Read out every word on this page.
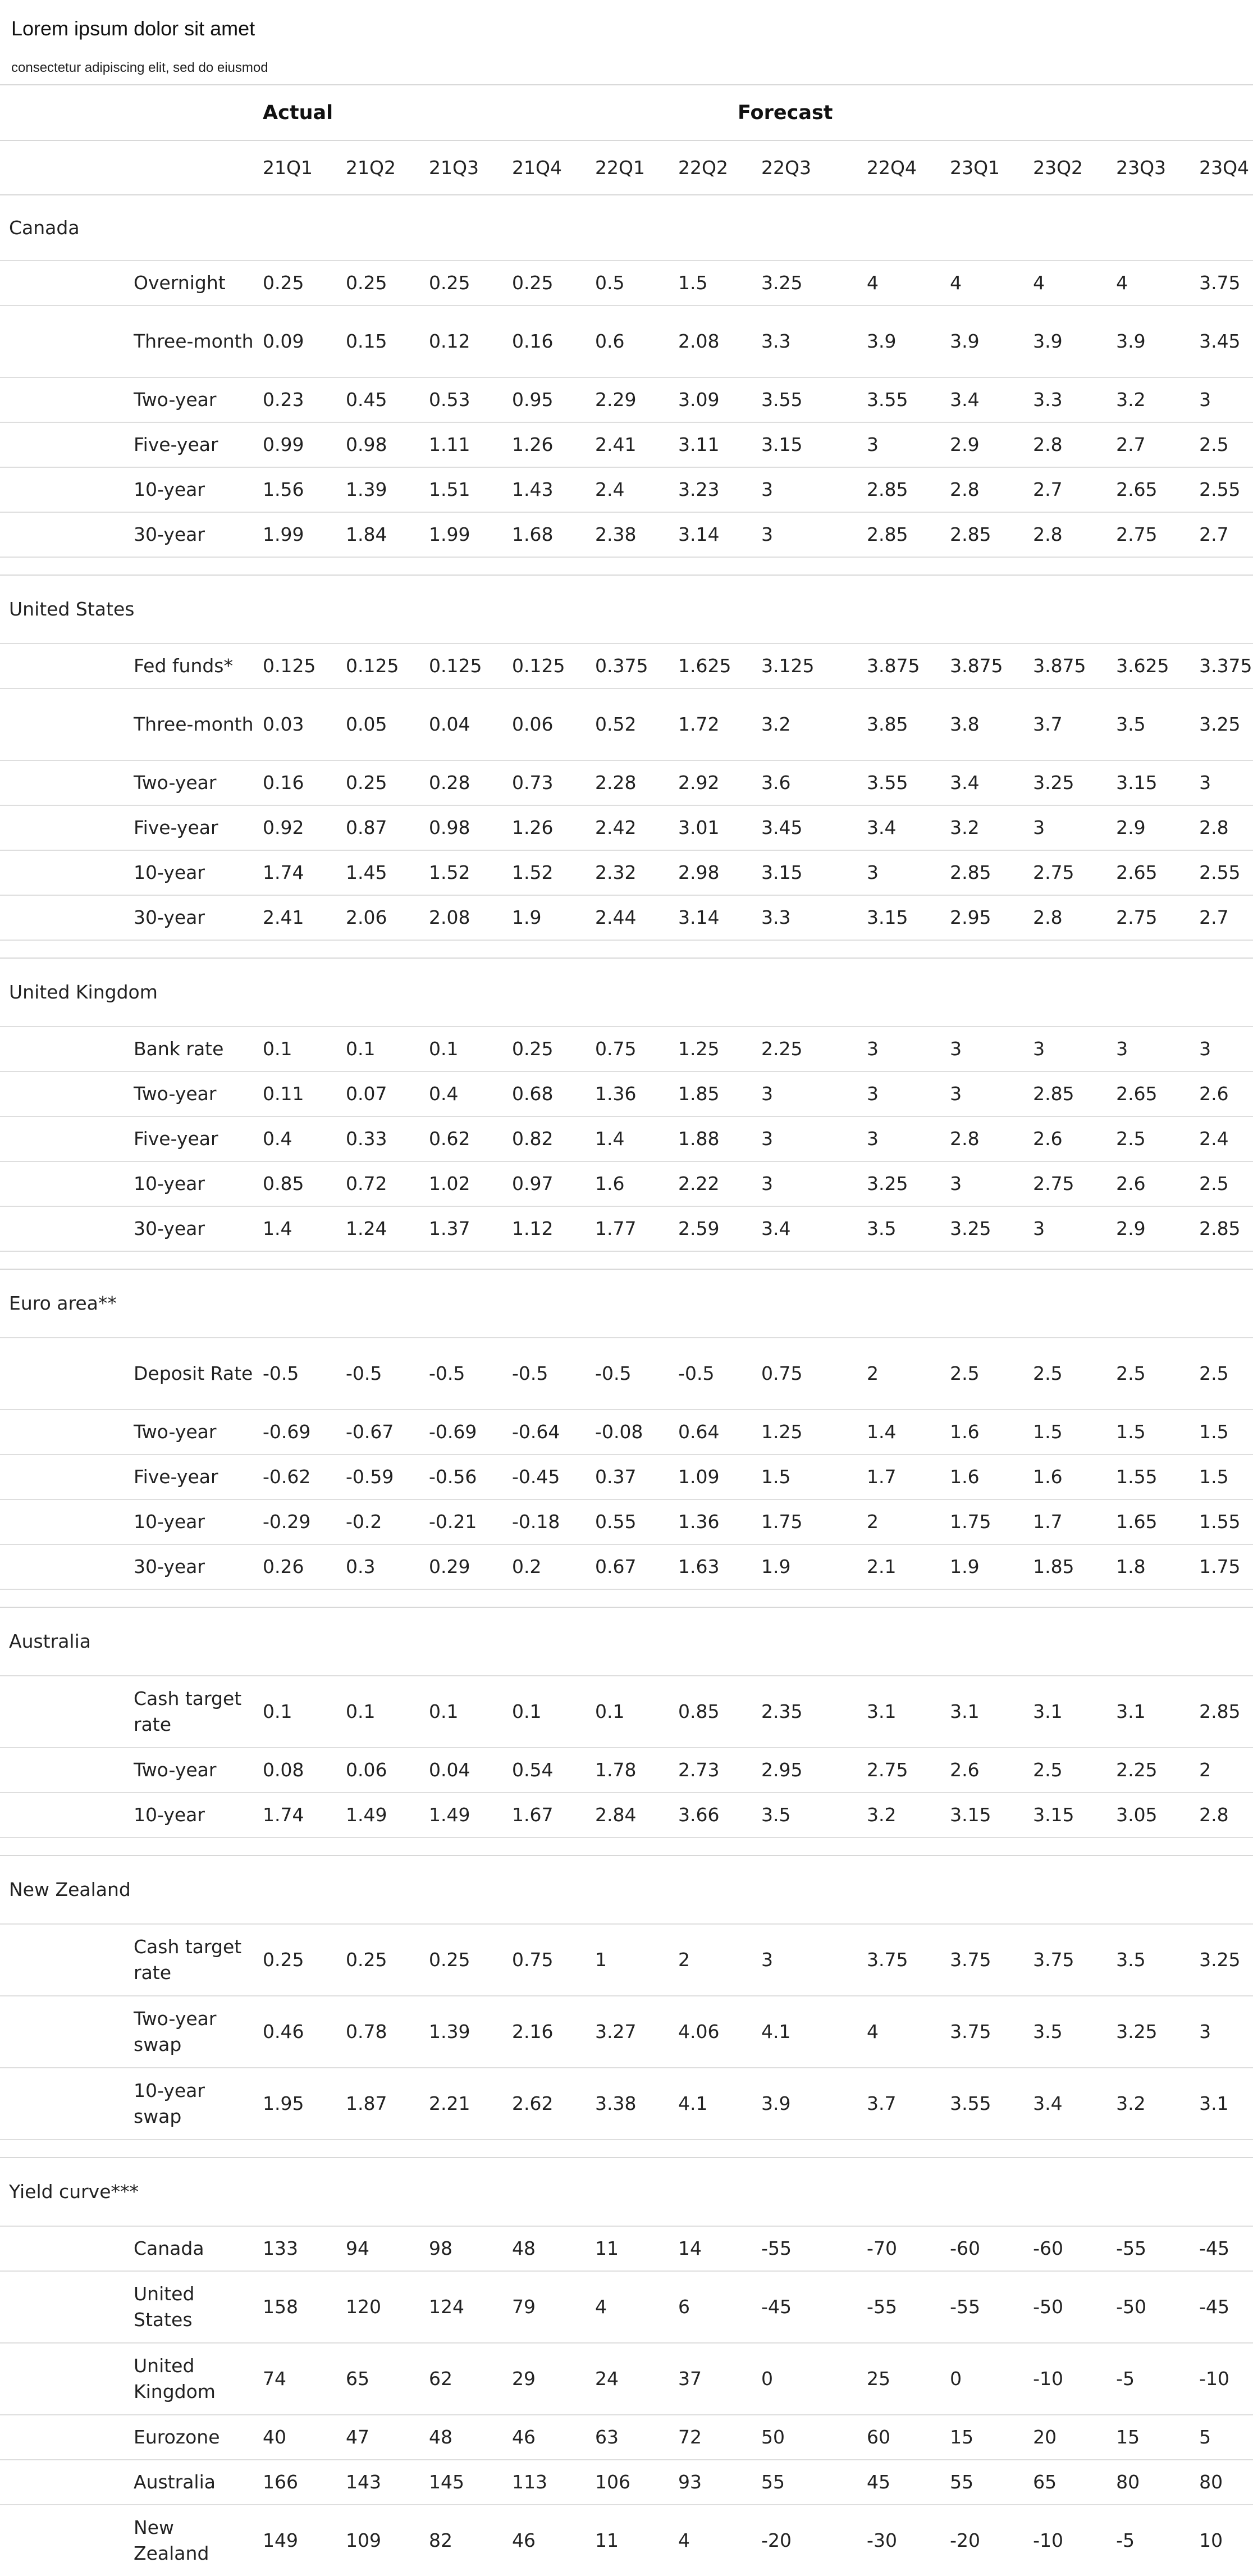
Lorem ipsum dolor sit amet
consectetur adipiscing elit, sed do eiusmod
		Actual				Forecast							
		21Q1	21Q2	21Q3	21Q4	22Q1	22Q2	22Q3	22Q4	23Q1	23Q2	23Q3	23Q4
Canada													
	Overnight	0.25	0.25	0.25	0.25	0.5	1.5	3.25	4	4	4	4	3.75
	Three-month	0.09	0.15	0.12	0.16	0.6	2.08	3.3	3.9	3.9	3.9	3.9	3.45
	Two-year	0.23	0.45	0.53	0.95	2.29	3.09	3.55	3.55	3.4	3.3	3.2	3
	Five-year	0.99	0.98	1.11	1.26	2.41	3.11	3.15	3	2.9	2.8	2.7	2.5
	10-year	1.56	1.39	1.51	1.43	2.4	3.23	3	2.85	2.8	2.7	2.65	2.55
	30-year	1.99	1.84	1.99	1.68	2.38	3.14	3	2.85	2.85	2.8	2.75	2.7

United States													
	Fed funds*	0.125	0.125	0.125	0.125	0.375	1.625	3.125	3.875	3.875	3.875	3.625	3.375
	Three-month	0.03	0.05	0.04	0.06	0.52	1.72	3.2	3.85	3.8	3.7	3.5	3.25
	Two-year	0.16	0.25	0.28	0.73	2.28	2.92	3.6	3.55	3.4	3.25	3.15	3
	Five-year	0.92	0.87	0.98	1.26	2.42	3.01	3.45	3.4	3.2	3	2.9	2.8
	10-year	1.74	1.45	1.52	1.52	2.32	2.98	3.15	3	2.85	2.75	2.65	2.55
	30-year	2.41	2.06	2.08	1.9	2.44	3.14	3.3	3.15	2.95	2.8	2.75	2.7

United Kingdom													
	Bank rate	0.1	0.1	0.1	0.25	0.75	1.25	2.25	3	3	3	3	3
	Two-year	0.11	0.07	0.4	0.68	1.36	1.85	3	3	3	2.85	2.65	2.6
	Five-year	0.4	0.33	0.62	0.82	1.4	1.88	3	3	2.8	2.6	2.5	2.4
	10-year	0.85	0.72	1.02	0.97	1.6	2.22	3	3.25	3	2.75	2.6	2.5
	30-year	1.4	1.24	1.37	1.12	1.77	2.59	3.4	3.5	3.25	3	2.9	2.85

Euro area**													
	Deposit Rate	-0.5	-0.5	-0.5	-0.5	-0.5	-0.5	0.75	2	2.5	2.5	2.5	2.5
	Two-year	-0.69	-0.67	-0.69	-0.64	-0.08	0.64	1.25	1.4	1.6	1.5	1.5	1.5
	Five-year	-0.62	-0.59	-0.56	-0.45	0.37	1.09	1.5	1.7	1.6	1.6	1.55	1.5
	10-year	-0.29	-0.2	-0.21	-0.18	0.55	1.36	1.75	2	1.75	1.7	1.65	1.55
	30-year	0.26	0.3	0.29	0.2	0.67	1.63	1.9	2.1	1.9	1.85	1.8	1.75

Australia													
	Cash target rate	0.1	0.1	0.1	0.1	0.1	0.85	2.35	3.1	3.1	3.1	3.1	2.85
	Two-year	0.08	0.06	0.04	0.54	1.78	2.73	2.95	2.75	2.6	2.5	2.25	2
	10-year	1.74	1.49	1.49	1.67	2.84	3.66	3.5	3.2	3.15	3.15	3.05	2.8

New Zealand													
	Cash target rate	0.25	0.25	0.25	0.75	1	2	3	3.75	3.75	3.75	3.5	3.25
	Two-year swap	0.46	0.78	1.39	2.16	3.27	4.06	4.1	4	3.75	3.5	3.25	3
	10-year swap	1.95	1.87	2.21	2.62	3.38	4.1	3.9	3.7	3.55	3.4	3.2	3.1

Yield curve***													
	Canada	133	94	98	48	11	14	-55	-70	-60	-60	-55	-45
	United States	158	120	124	79	4	6	-45	-55	-55	-50	-50	-45
	United Kingdom	74	65	62	29	24	37	0	25	0	-10	-5	-10
	Eurozone	40	47	48	46	63	72	50	60	15	20	15	5
	Australia	166	143	145	113	106	93	55	45	55	65	80	80
	New Zealand	149	109	82	46	11	4	-20	-30	-20	-10	-5	10
